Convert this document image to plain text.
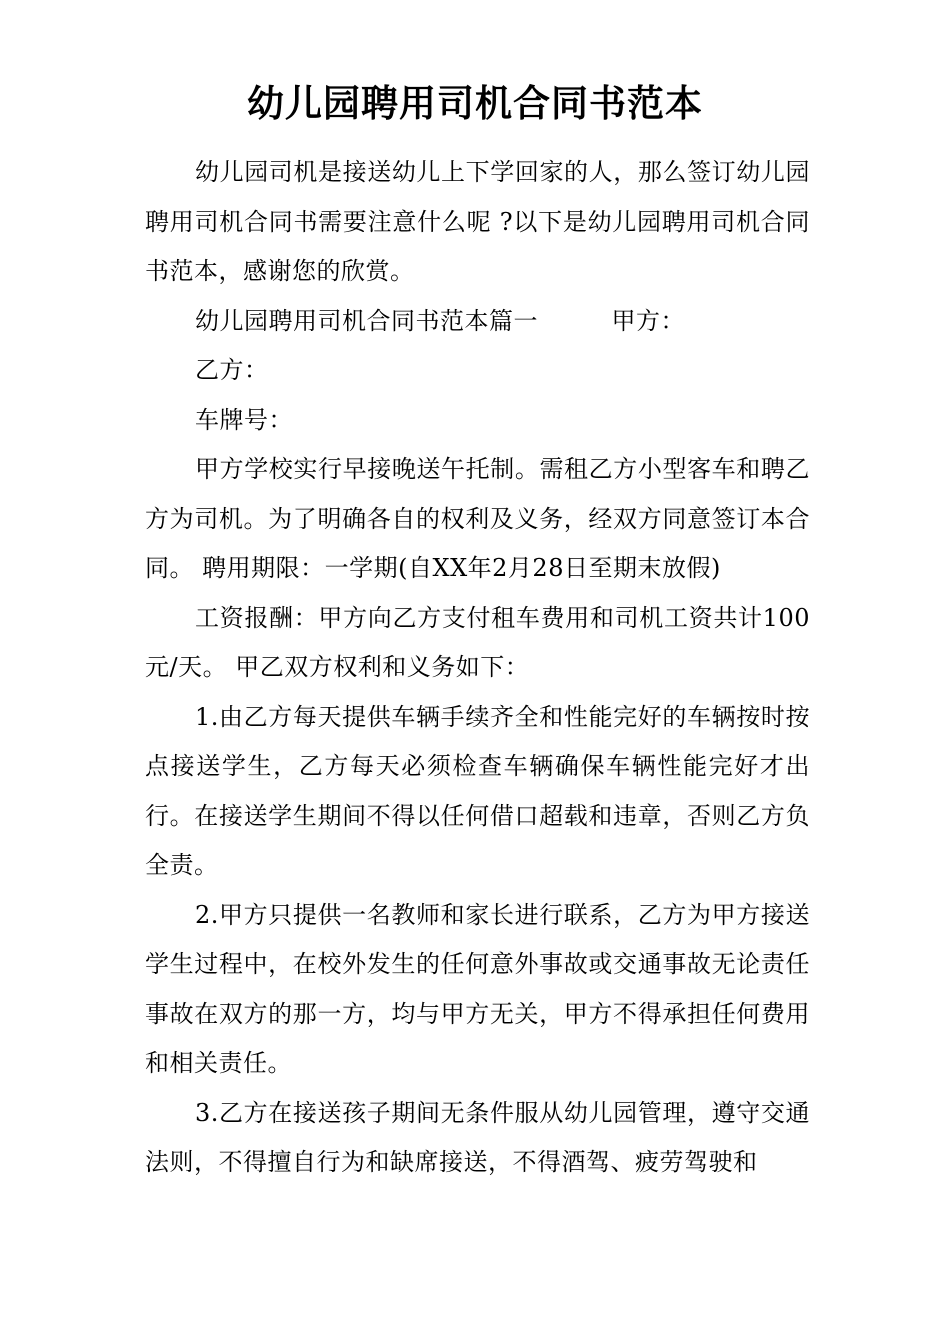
幼儿园聘用司机合同书范本

幼儿园司机是接送幼儿上下学回家的人，那么签订幼儿园聘用司机合同书需要注意什么呢 ?以下是幼儿园聘用司机合同书范本，感谢您的欣赏。

幼儿园聘用司机合同书范本篇一　　　甲方：

乙方：

车牌号：

甲方学校实行早接晚送午托制。需租乙方小型客车和聘乙方为司机。为了明确各自的权利及义务，经双方同意签订本合同。 聘用期限：一学期(自XX年2月28日至期末放假)

工资报酬：甲方向乙方支付租车费用和司机工资共计100元/天。 甲乙双方权利和义务如下：

1.由乙方每天提供车辆手续齐全和性能完好的车辆按时按点接送学生，乙方每天必须检查车辆确保车辆性能完好才出行。在接送学生期间不得以任何借口超载和违章，否则乙方负全责。

2.甲方只提供一名教师和家长进行联系，乙方为甲方接送学生过程中，在校外发生的任何意外事故或交通事故无论责任事故在双方的那一方，均与甲方无关，甲方不得承担任何费用和相关责任。

3.乙方在接送孩子期间无条件服从幼儿园管理，遵守交通法则，不得擅自行为和缺席接送，不得酒驾、疲劳驾驶和
